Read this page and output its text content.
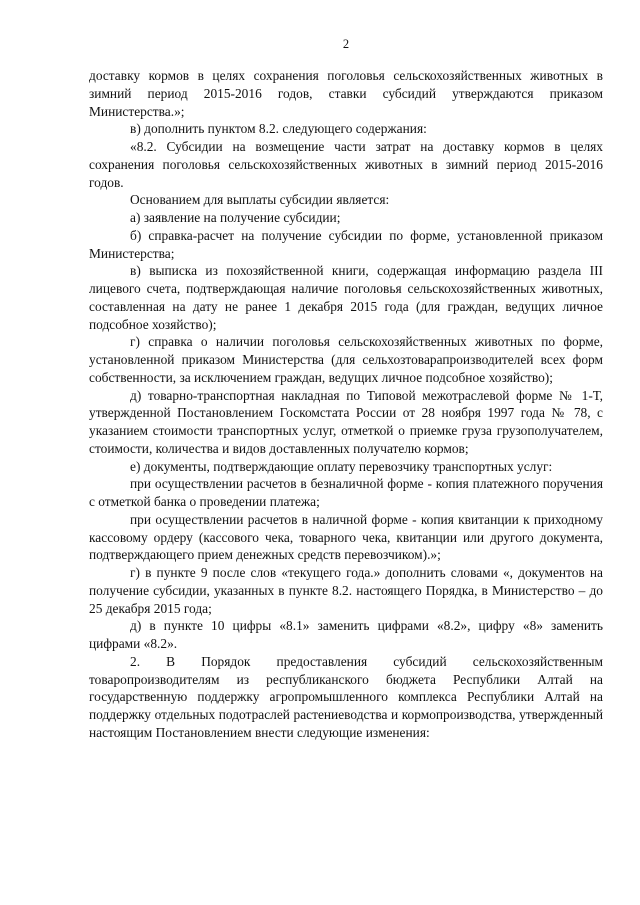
2

доставку кормов в целях сохранения поголовья сельскохозяйственных животных в зимний период 2015-2016 годов, ставки субсидий утверждаются приказом Министерства.»;

в) дополнить пунктом 8.2. следующего содержания:

«8.2. Субсидии на возмещение части затрат на доставку кормов в целях сохранения поголовья сельскохозяйственных животных в зимний период 2015-2016 годов.

Основанием для выплаты субсидии является:

а) заявление на получение субсидии;

б) справка-расчет на получение субсидии по форме, установленной приказом Министерства;

в) выписка из похозяйственной книги, содержащая информацию раздела III лицевого счета, подтверждающая наличие поголовья сельскохозяйственных животных, составленная на дату не ранее 1 декабря 2015 года (для граждан, ведущих личное подсобное хозяйство);

г) справка о наличии поголовья сельскохозяйственных животных по форме, установленной приказом Министерства (для сельхозтоварапроизводителей всех форм собственности, за исключением граждан, ведущих личное подсобное хозяйство);

д) товарно-транспортная накладная по Типовой межотраслевой форме № 1-Т, утвержденной Постановлением Госкомстата России от 28 ноября 1997 года № 78, с указанием стоимости транспортных услуг, отметкой о приемке груза грузополучателем, стоимости, количества и видов доставленных получателю кормов;

е) документы, подтверждающие оплату перевозчику транспортных услуг:

при осуществлении расчетов в безналичной форме - копия платежного поручения с отметкой банка о проведении платежа;

при осуществлении расчетов в наличной форме - копия квитанции к приходному кассовому ордеру (кассового чека, товарного чека, квитанции или другого документа, подтверждающего прием денежных средств перевозчиком).»;

г) в пункте 9 после слов «текущего года.» дополнить словами «, документов на получение субсидии, указанных в пункте 8.2. настоящего Порядка, в Министерство – до 25 декабря 2015 года;

д) в пункте 10 цифры «8.1» заменить цифрами «8.2», цифру «8» заменить цифрами «8.2».

2. В Порядок предоставления субсидий сельскохозяйственным товаропроизводителям из республиканского бюджета Республики Алтай на государственную поддержку агропромышленного комплекса Республики Алтай на поддержку отдельных подотраслей растениеводства и кормопроизводства, утвержденный настоящим Постановлением внести следующие изменения:
